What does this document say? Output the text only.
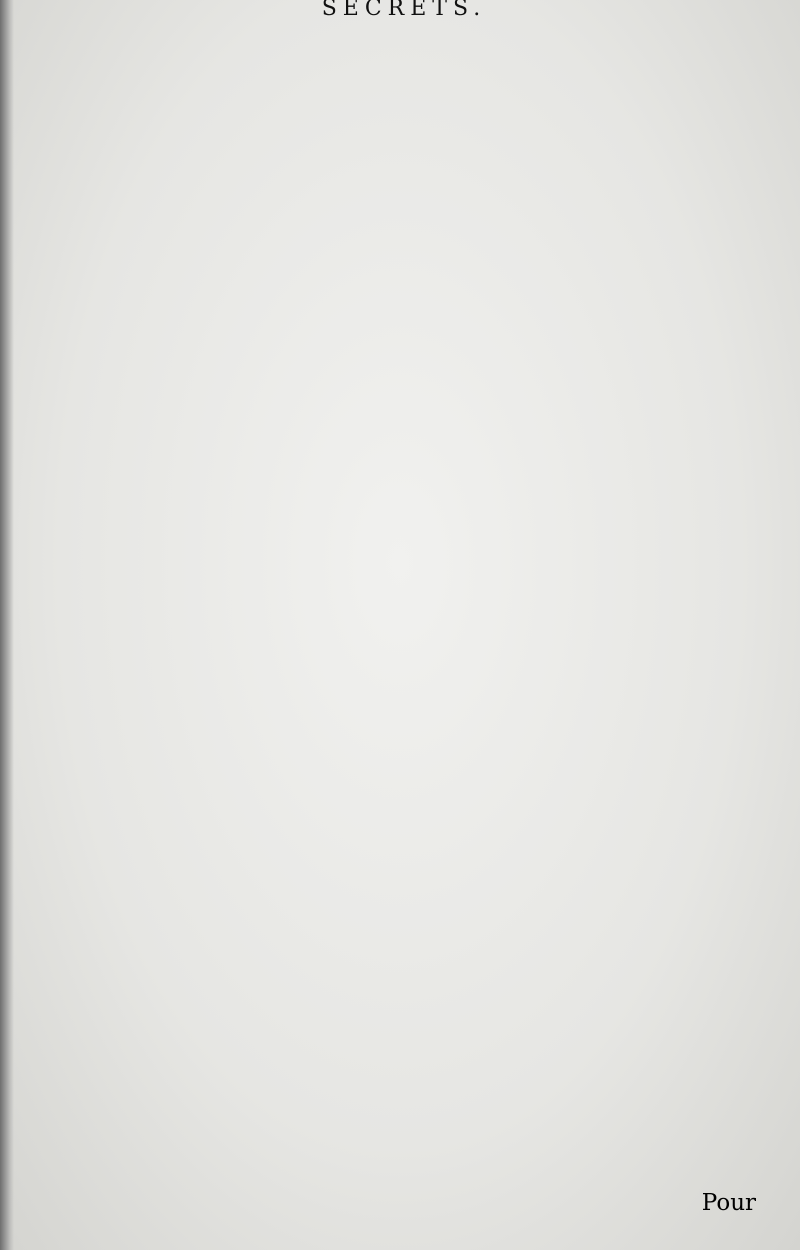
SECRETS.
Pour
